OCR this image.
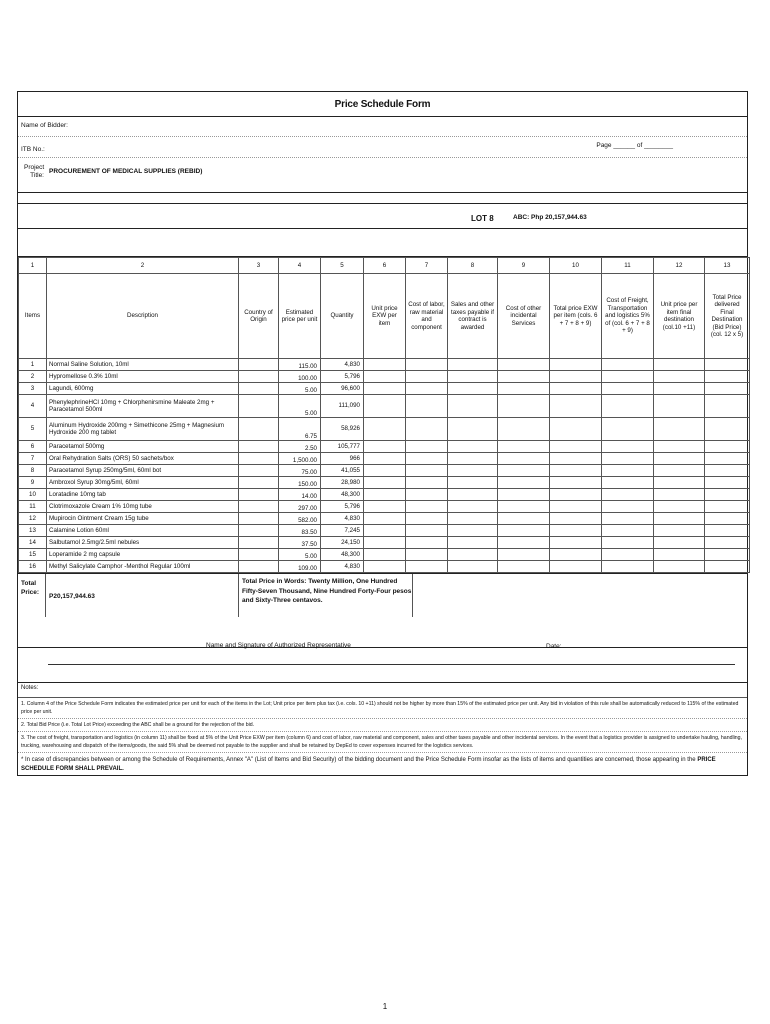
Price Schedule Form
Name of Bidder:
ITB No.:
Page ______ of ________
Project Title:
PROCUREMENT OF MEDICAL SUPPLIES (REBID)
LOT 8	ABC: Php 20,157,944.63
1	2	3	4	5	6	7	8	9	10	11	12	13
Items	Description	Country of Origin	Estimated price per unit	Quantity	Unit price EXW per item	Cost of labor, raw material and component	Sales and other taxes payable if contract is awarded	Cost of other incidental Services	Total price EXW per item (cols. 6 + 7 + 8 + 9)	Cost of Freight, Transportation and logistics 5% of (col. 6 + 7 + 8 + 9)	Unit price per item final destination (col.10 +11)	Total Price delivered Final Destination (Bid Price) (col. 12 x 5)
1	Normal Saline Solution, 10ml		115.00	4,830								
2	Hypromellose 0.3% 10ml		100.00	5,796								
3	Lagundi, 600mg		5.00	96,600								
4	PhenylephrineHCl 10mg + Chlorphenirsmine Maleate 2mg + Paracetamol 500ml		5.00	111,090								
5	Aluminum Hydroxide 200mg + Simethicone 25mg + Magnesium Hydroxide 200 mg tablet		6.75	58,926								
6	Paracetamol 500mg		2.50	105,777								
7	Oral Rehydration Salts (ORS) 50 sachets/box		1,500.00	966								
8	Paracetamol Syrup 250mg/5ml, 60ml bot		75.00	41,055								
9	Ambroxol Syrup 30mg/5ml, 60ml		150.00	28,980								
10	Loratadine 10mg tab		14.00	48,300								
11	Clotrimoxazole Cream 1% 10mg tube		297.00	5,796								
12	Mupirocin Ointment Cream 15g tube		582.00	4,830								
13	Calamine Lotion 60ml		83.50	7,245								
14	Salbutamol 2.5mg/2.5ml nebules		37.50	24,150								
15	Loperamide 2 mg capsule		5.00	48,300								
16	Methyl Salicylate Camphor -Menthol Regular 100ml		109.00	4,830								
Total Price:
P20,157,944.63
Total Price in Words: Twenty Million, One Hundred Fifty-Seven Thousand, Nine Hundred Forty-Four pesos and Sixty-Three centavos.
Name and Signature of Authorized Representative	Date:
Notes:
1. Column 4 of the Price Schedule Form indicates the estimated price per unit for each of the items in the Lot; Unit price per item plus tax (i.e. cols. 10 +11) should not be higher by more than 15% of the estimated price per unit. Any bid in violation of this rule shall be automatically reduced to 115% of the estimated price per unit.
2. Total Bid Price (i.e. Total Lot Price) exceeding the ABC shall be a ground for the rejection of the bid.
3. The cost of freight, transportation and logistics (in column 11) shall be fixed at 5% of the Unit Price EXW per item (column 6) and cost of labor, raw material and component, sales and other taxes payable and other incidental services. In the event that a logistics provider is assigned to undertake hauling, handling, trucking, warehousing and dispatch of the items/goods, the said 5% shall be deemed not payable to the supplier and shall be retained by DepEd to cover expenses incurred for the logistics services.
* In case of discrepancies between or among the Schedule of Requirements, Annex "A" (List of Items and Bid Security) of the bidding document and the Price Schedule Form insofar as the lists of items and quantities are concerned, those appearing in the PRICE SCHEDULE FORM SHALL PREVAIL.
1
